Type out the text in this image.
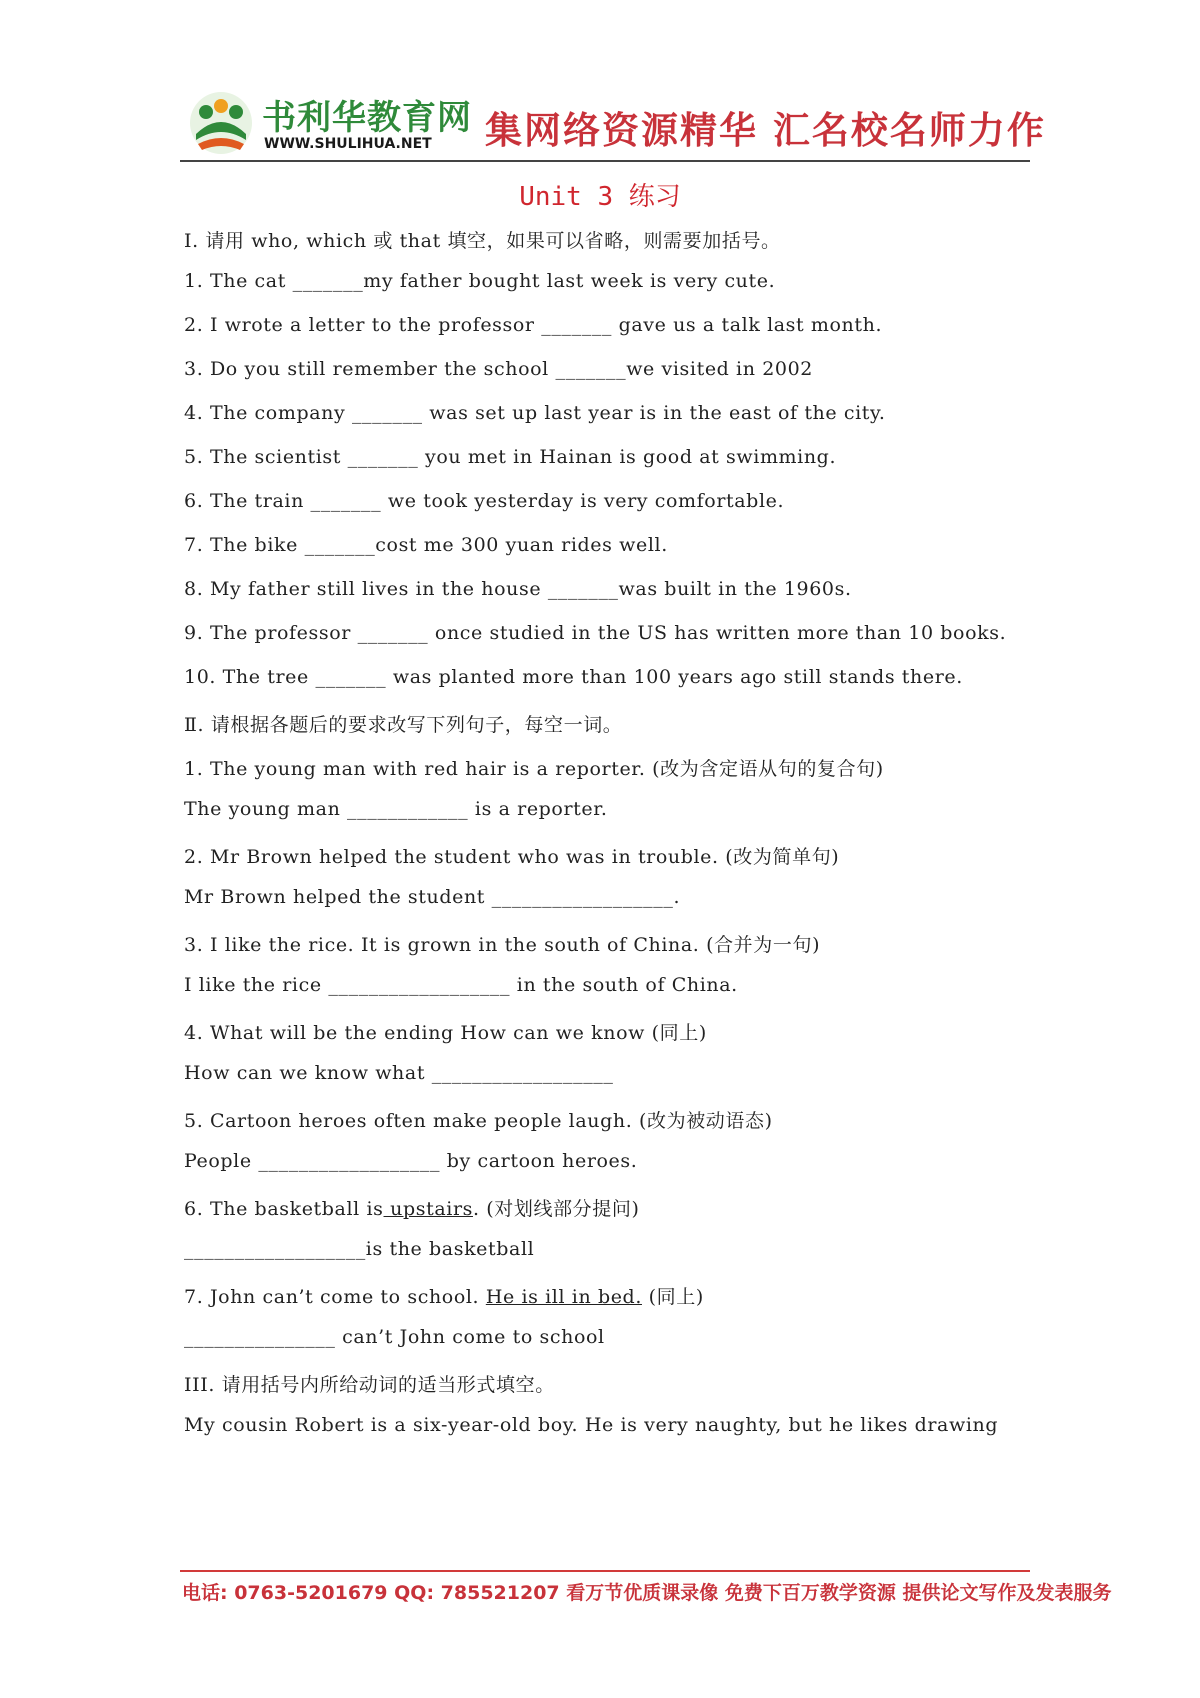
书利华教育网
WWW.SHULIHUA.NET 集网络资源精华 汇名校名师力作
Unit 3 练习
Ⅰ. 请用 who, which 或 that 填空，如果可以省略，则需要加括号。
1. The cat _______my father bought last week is very cute.
2. I wrote a letter to the professor _______ gave us a talk last month.
3. Do you still remember the school _______we visited in 2002
4. The company _______ was set up last year is in the east of the city.
5. The scientist _______ you met in Hainan is good at swimming.
6. The train _______ we took yesterday is very comfortable.
7. The bike _______cost me 300 yuan rides well.
8. My father still lives in the house _______was built in the 1960s.
9. The professor _______ once studied in the US has written more than 10 books.
10. The tree _______ was planted more than 100 years ago still stands there.
Ⅱ. 请根据各题后的要求改写下列句子，每空一词。
1. The young man with red hair is a reporter. (改为含定语从句的复合句)
The young man ____________ is a reporter.
2. Mr Brown helped the student who was in trouble. (改为简单句)
Mr Brown helped the student __________________.
3. I like the rice. It is grown in the south of China. (合并为一句)
I like the rice __________________ in the south of China.
4. What will be the ending How can we know (同上)
How can we know what __________________
5. Cartoon heroes often make people laugh. (改为被动语态)
People __________________ by cartoon heroes.
6. The basketball is upstairs. (对划线部分提问)
__________________is the basketball
7. John can’t come to school. He is ill in bed. (同上)
_______________ can’t John come to school
III. 请用括号内所给动词的适当形式填空。
My cousin Robert is a six-year-old boy. He is very naughty, but he likes drawing
电话: 0763-5201679 QQ: 785521207 看万节优质课录像 免费下百万教学资源 提供论文写作及发表服务
